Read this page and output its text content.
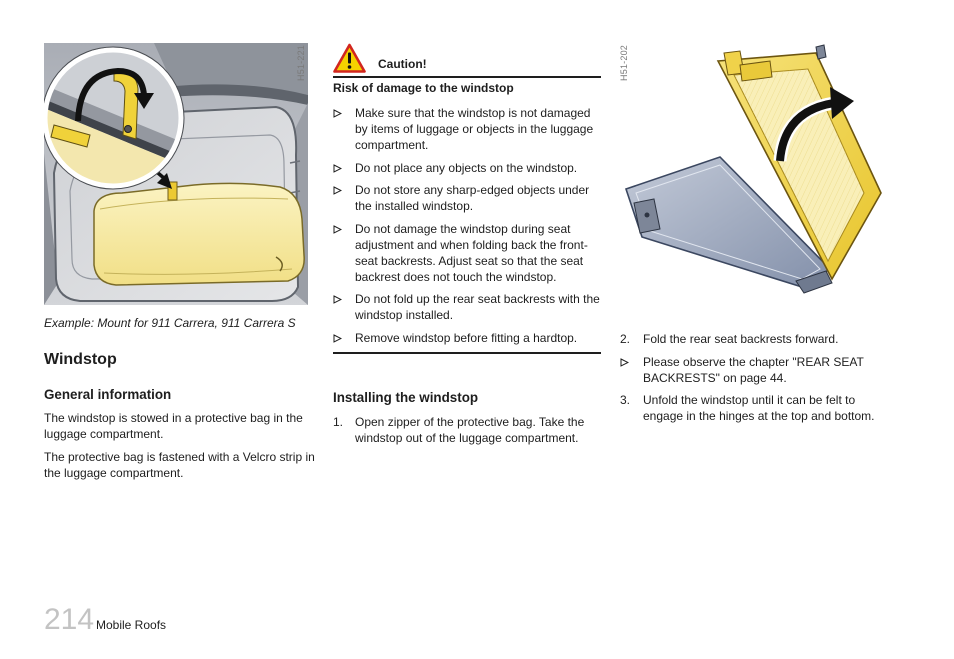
H51-221

Example: Mount for 911 Carrera, 911 Carrera S

Windstop
General information

The windstop is stowed in a protective bag in the luggage compartment.

The protective bag is fastened with a Velcro strip in the luggage compartment.

Caution!
Risk of damage to the windstop
Make sure that the windstop is not damaged by items of luggage or objects in the luggage compartment.
Do not place any objects on the windstop.
Do not store any sharp-edged objects under the installed windstop.
Do not damage the windstop during seat adjustment and when folding back the front-seat backrests. Adjust seat so that the seat backrest does not touch the windstop.
Do not fold up the rear seat backrests with the windstop installed.
Remove windstop before fitting a hardtop.
Installing the windstop
1. Open zipper of the protective bag. Take the windstop out of the luggage compartment.
H51-202
2. Fold the rear seat backrests forward.
Please observe the chapter "REAR SEAT BACKRESTS" on page 44.
3. Unfold the windstop until it can be felt to engage in the hinges at the top and bottom.
214 Mobile Roofs
